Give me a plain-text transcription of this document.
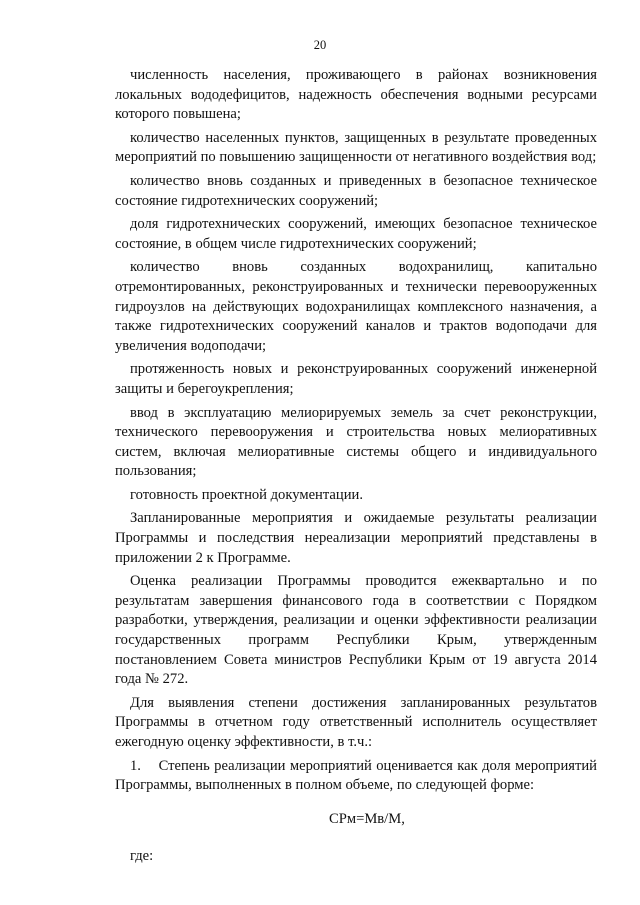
20

численность населения, проживающего в районах возникновения локальных вододефицитов, надежность обеспечения водными ресурсами которого повышена;

количество населенных пунктов, защищенных в результате проведенных мероприятий по повышению защищенности от негативного воздействия вод;

количество вновь созданных и приведенных в безопасное техническое состояние гидротехнических сооружений;

доля гидротехнических сооружений, имеющих безопасное техническое состояние, в общем числе гидротехнических сооружений;

количество вновь созданных водохранилищ, капитально отремонтированных, реконструированных и технически перевооруженных гидроузлов на действующих водохранилищах комплексного назначения, а также гидротехнических сооружений каналов и трактов водоподачи для увеличения водоподачи;

протяженность новых и реконструированных сооружений инженерной защиты и берегоукрепления;

ввод в эксплуатацию мелиорируемых земель за счет реконструкции, технического перевооружения и строительства новых мелиоративных систем, включая мелиоративные системы общего и индивидуального пользования;

готовность проектной документации.

Запланированные мероприятия и ожидаемые результаты реализации Программы и последствия нереализации мероприятий представлены в приложении 2 к Программе.

Оценка реализации Программы проводится ежеквартально и по результатам завершения финансового года в соответствии с Порядком разработки, утверждения, реализации и оценки эффективности реализации государственных программ Республики Крым, утвержденным постановлением Совета министров Республики Крым от 19 августа 2014 года № 272.

Для выявления степени достижения запланированных результатов Программы в отчетном году ответственный исполнитель осуществляет ежегодную оценку эффективности, в т.ч.:

1.    Степень реализации мероприятий оценивается как доля мероприятий Программы, выполненных в полном объеме, по следующей форме:

СРм=Мв/М,

где:
